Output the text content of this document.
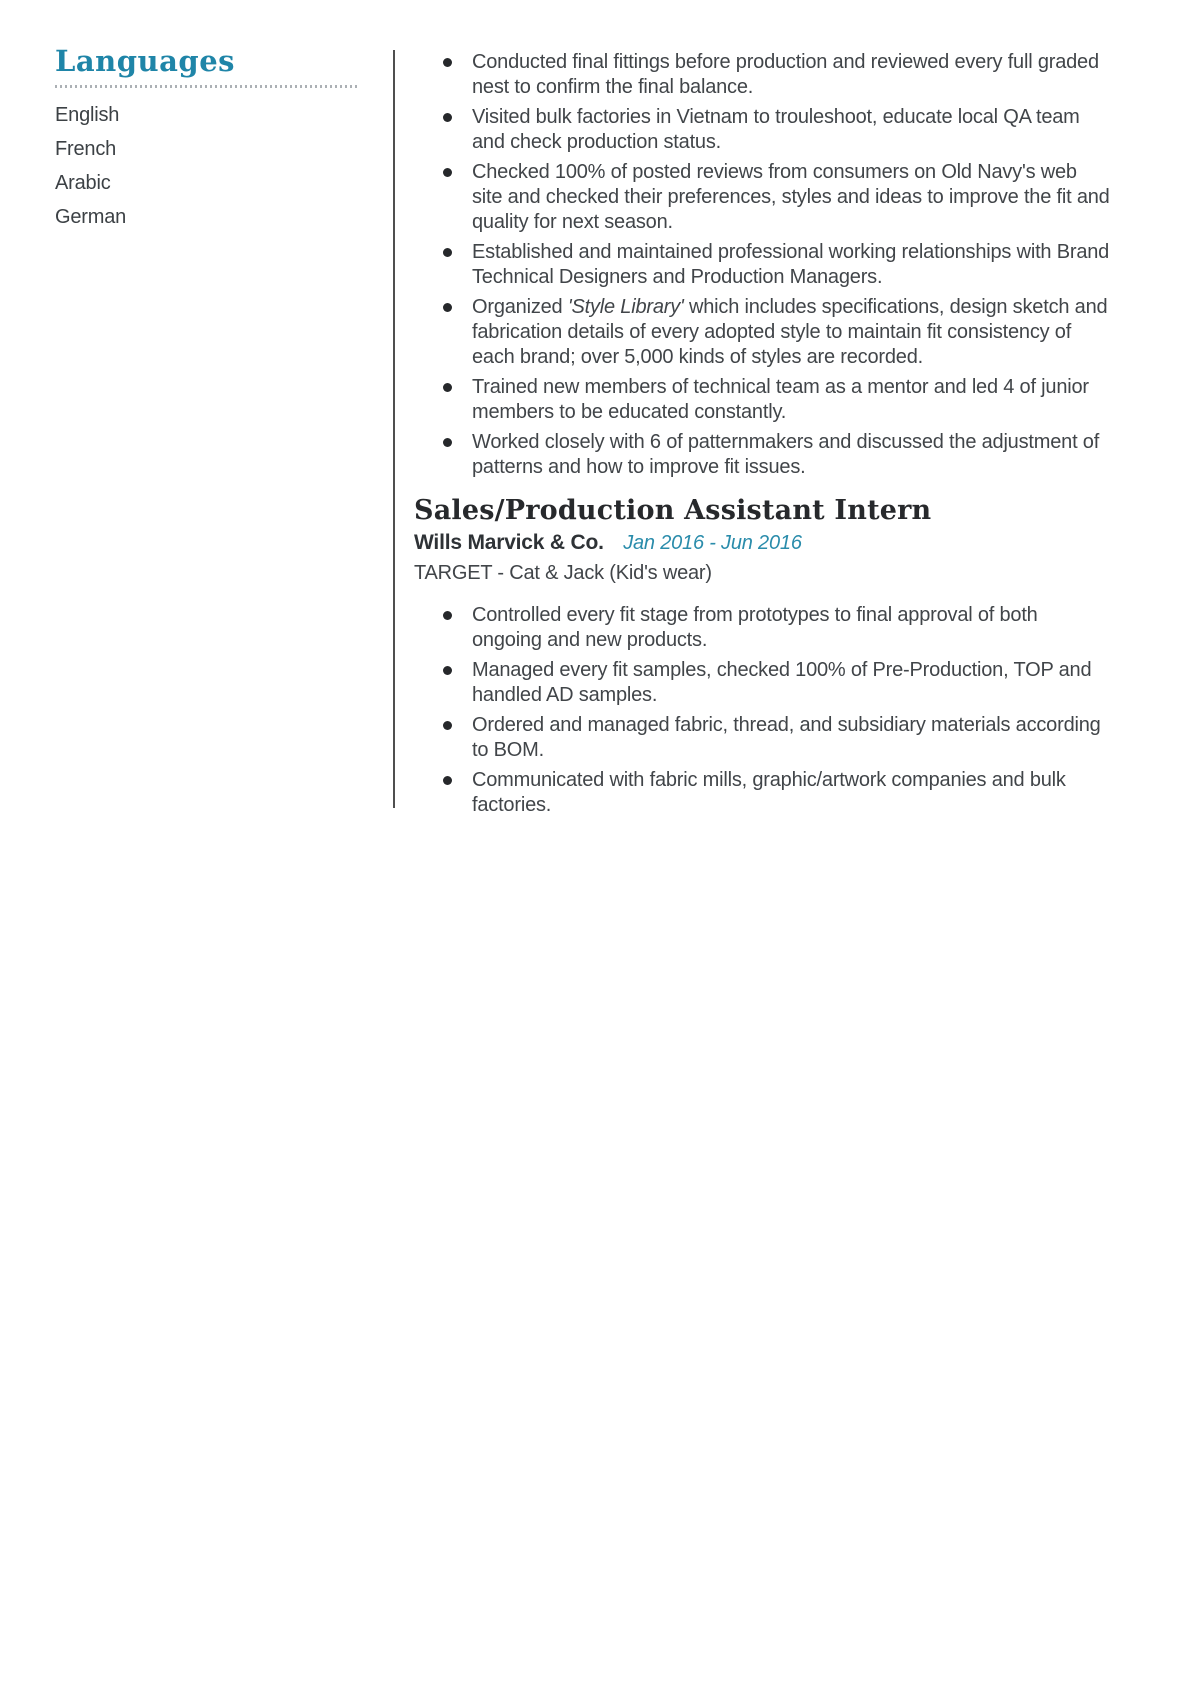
Languages
English
French
Arabic
German
Conducted final fittings before production and reviewed every full graded nest to confirm the final balance.
Visited bulk factories in Vietnam to trouleshoot, educate local QA team and check production status.
Checked 100% of posted reviews from consumers on Old Navy's web site and checked their preferences, styles and ideas to improve the fit and quality for next season.
Established and maintained professional working relationships with Brand Technical Designers and Production Managers.
Organized 'Style Library' which includes specifications, design sketch and fabrication details of every adopted style to maintain fit consistency of each brand; over 5,000 kinds of styles are recorded.
Trained new members of technical team as a mentor and led 4 of junior members to be educated constantly.
Worked closely with 6 of patternmakers and discussed the adjustment of patterns and how to improve fit issues.
Sales/Production Assistant Intern
Wills Marvick & Co. Jan 2016 - Jun 2016
TARGET - Cat & Jack (Kid's wear)
Controlled every fit stage from prototypes to final approval of both ongoing and new products.
Managed every fit samples, checked 100% of Pre-Production, TOP and handled AD samples.
Ordered and managed fabric, thread, and subsidiary materials according to BOM.
Communicated with fabric mills, graphic/artwork companies and bulk factories.
